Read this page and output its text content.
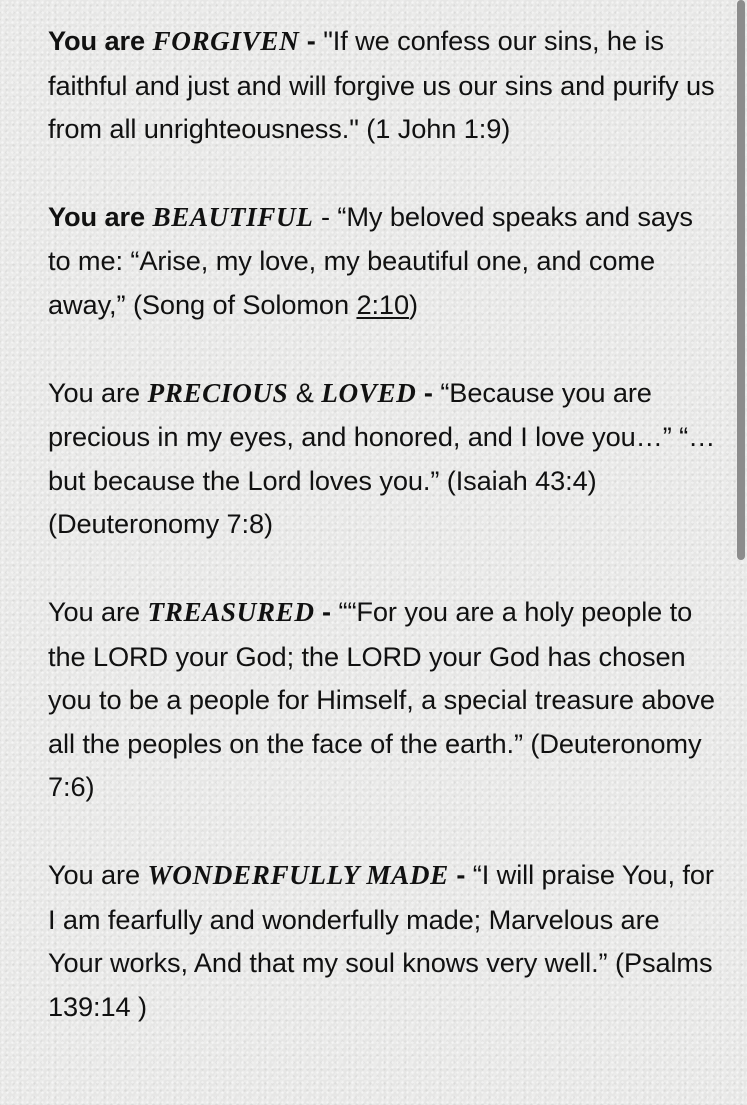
You are FORGIVEN - "If we confess our sins, he is faithful and just and will forgive us our sins and purify us from all unrighteousness." (1 John 1:9)

You are BEAUTIFUL - “My beloved speaks and says to me: “Arise, my love, my beautiful one, and come away,” (Song of Solomon 2:10)

You are PRECIOUS & LOVED - “Because you are precious in my eyes, and honored, and I love you…” “…but because the Lord loves you.” (Isaiah 43:4) (Deuteronomy 7:8)

You are TREASURED - ““For you are a holy people to the LORD your God; the LORD your God has chosen you to be a people for Himself, a special treasure above all the peoples on the face of the earth.” (Deuteronomy 7:6)

You are WONDERFULLY MADE - “I will praise You, for I am fearfully and wonderfully made; Marvelous are Your works, And that my soul knows very well.” (Psalms 139:14 )
